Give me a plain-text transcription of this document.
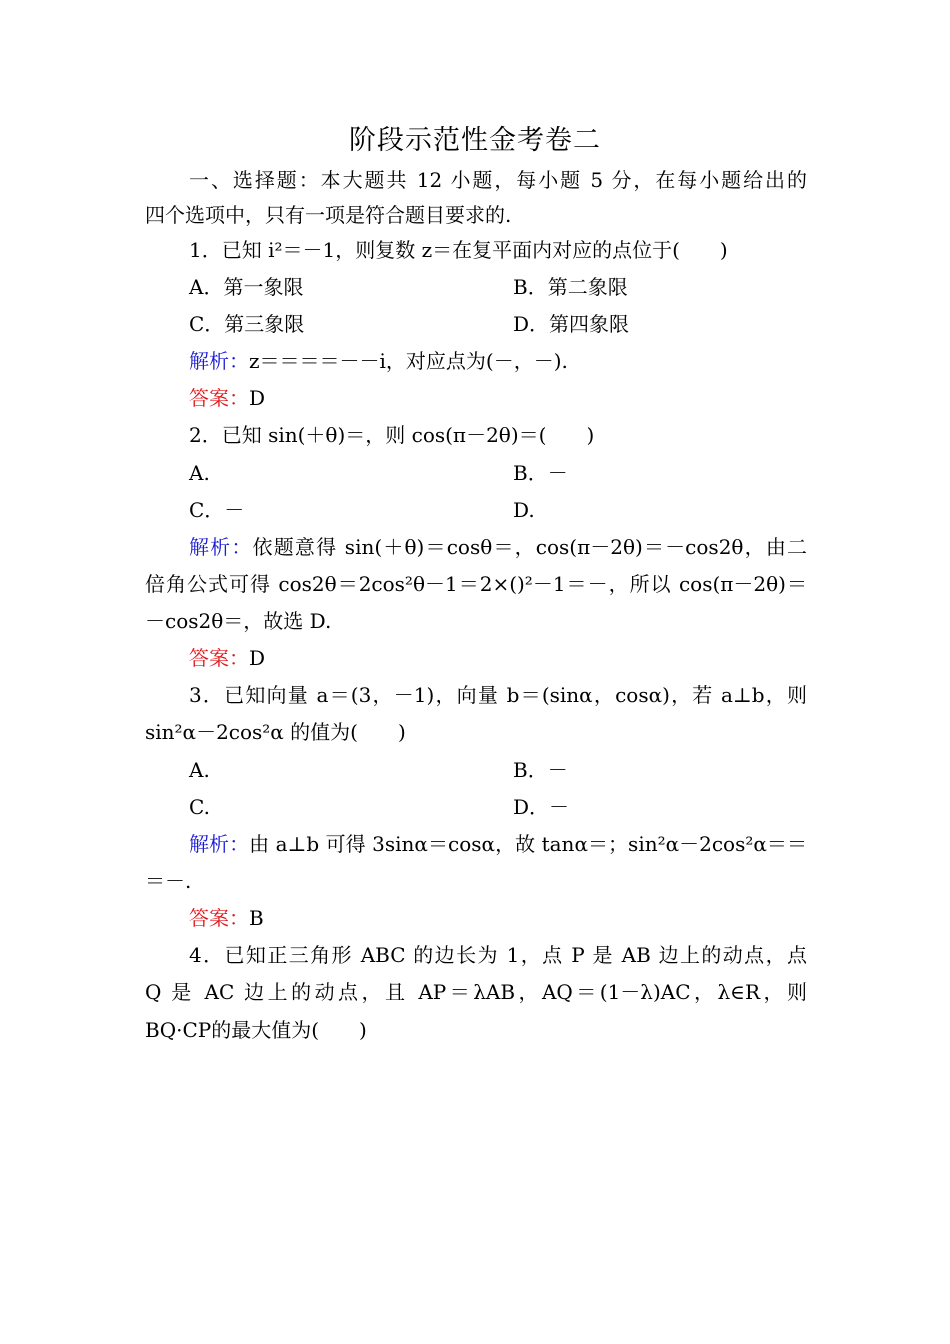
阶段示范性金考卷二
一、选择题：本大题共 12 小题，每小题 5 分，在每小题给出的
四个选项中，只有一项是符合题目要求的.
1．已知 i²＝－1，则复数 z＝在复平面内对应的点位于(　　)
A．第一象限	B．第二象限
C．第三象限	D．第四象限
解析：z＝＝＝＝－－i，对应点为(－，－).
答案：D
2．已知 sin(＋θ)＝，则 cos(π－2θ)＝(　　)
A.	B．－
C．－	D.
解析：依题意得 sin(＋θ)＝cosθ＝，cos(π－2θ)＝－cos2θ，由二
倍角公式可得 cos2θ＝2cos²θ－1＝2×()²－1＝－，所以 cos(π－2θ)＝
－cos2θ＝，故选 D.
答案：D
3．已知向量 a＝(3，－1)，向量 b＝(sinα，cosα)，若 a⊥b，则
sin²α－2cos²α 的值为(　　)
A.	B．－
C.	D．－
解析：由 a⊥b 可得 3sinα＝cosα，故 tanα＝；sin²α－2cos²α＝＝
＝－.
答案：B
4．已知正三角形 ABC 的边长为 1，点 P 是 AB 边上的动点，点
Q 是 AC 边上的动点，且 AP＝λAB，AQ＝(1－λ)AC，λ∈R，则
BQ·CP的最大值为(　　)
